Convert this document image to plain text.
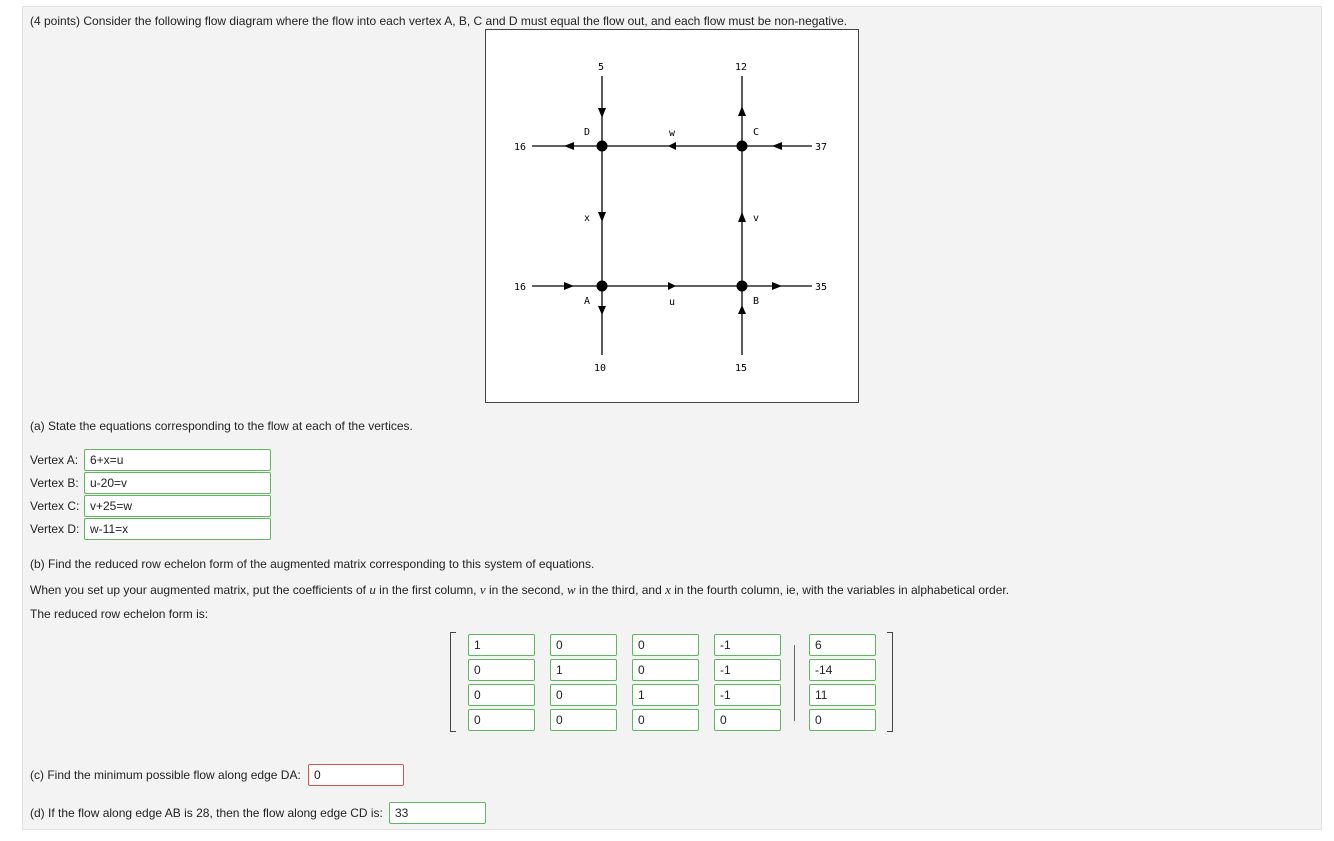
(4 points) Consider the following flow diagram where the flow into each vertex A, B, C and D must equal the flow out, and each flow must be non-negative.
D	C
A	B
w
x	v
u
5	12
16	37
16	35
10	15
(a) State the equations corresponding to the flow at each of the vertices.
Vertex A: 6+x=u
Vertex B: u-20=v
Vertex C: v+25=w
Vertex D: w-11=x
(b) Find the reduced row echelon form of the augmented matrix corresponding to this system of equations.
When you set up your augmented matrix, put the coefficients of u in the first column, v in the second, w in the third, and x in the fourth column, ie, with the variables in alphabetical order.
The reduced row echelon form is:
1	0	0	-1	6
0	1	0	-1	-14
0	0	1	-1	11
0	0	0	0	0
(c) Find the minimum possible flow along edge DA:	0
(d) If the flow along edge AB is 28, then the flow along edge CD is:	33
